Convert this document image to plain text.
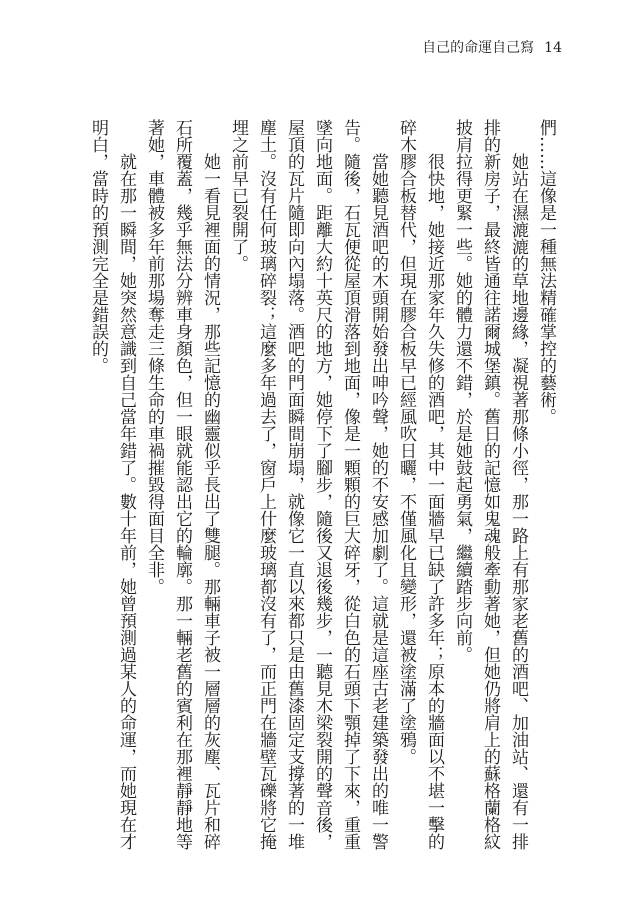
自己的命運自己寫 14
們……這像是一種無法精確掌控的藝術。
她站在濕漉漉的草地邊緣，凝視著那條小徑，那一路上有那家老舊的酒吧、加油站、還有一排
排的新房子，最終皆通往諾爾城堡鎮。舊日的記憶如鬼魂般牽動著她，但她仍將肩上的蘇格蘭格紋
披肩拉得更緊一些。她的體力還不錯，於是她鼓起勇氣，繼續踏步向前。
很快地，她接近那家年久失修的酒吧，其中一面牆早已缺了許多年；原本的牆面以不堪一擊的
碎木膠合板替代，但現在膠合板早已經風吹日曬，不僅風化且變形，還被塗滿了塗鴉。
當她聽見酒吧的木頭開始發出呻吟聲，她的不安感加劇了。這就是這座古老建築發出的唯一警
告。隨後，石瓦便從屋頂滑落到地面，像是一顆顆的巨大碎牙，從白色的石頭下顎掉了下來，重重
墜向地面。距離大約十英尺的地方，她停下了腳步，隨後又退後幾步，一聽見木梁裂開的聲音後，
屋頂的瓦片隨即向內塌落。酒吧的門面瞬間崩塌，就像它一直以來都只是由舊漆固定支撐著的一堆
塵土。沒有任何玻璃碎裂；這麼多年過去了，窗戶上什麼玻璃都沒有了，而正門在牆壁瓦礫將它掩
埋之前早已裂開了。
她一看見裡面的情況，那些記憶的幽靈似乎長出了雙腿。那輛車子被一層層的灰塵、瓦片和碎
石所覆蓋，幾乎無法分辨車身顏色，但一眼就能認出它的輪廓。那一輛老舊的賓利在那裡靜靜地等
著她，車體被多年前那場奪走三條生命的車禍摧毀得面目全非。
就在那一瞬間，她突然意識到自己當年錯了。數十年前，她曾預測過某人的命運，而她現在才
明白，當時的預測完全是錯誤的。
